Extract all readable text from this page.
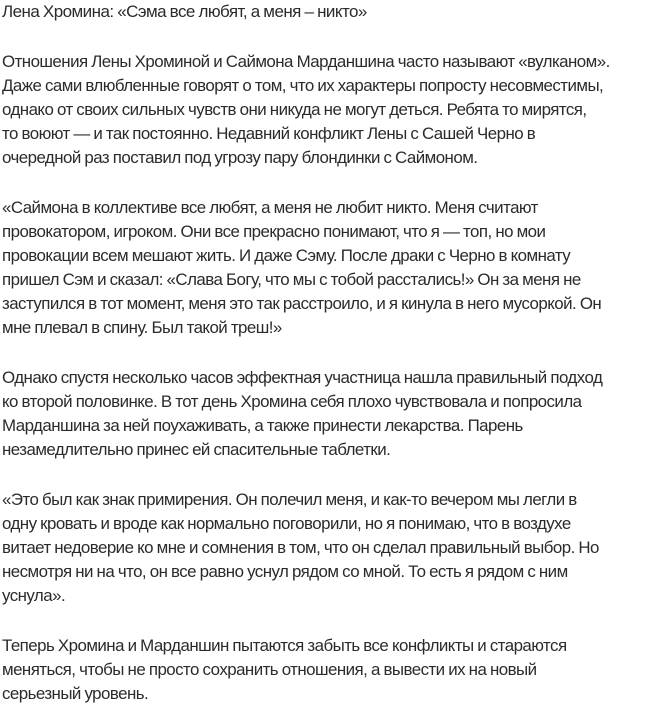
Лена Хромина: «Сэма все любят, а меня – никто»

Отношения Лены Хроминой и Саймона Марданшина часто называют «вулканом».
Даже сами влюбленные говорят о том, что их характеры попросту несовместимы,
однако от своих сильных чувств они никуда не могут деться. Ребята то мирятся,
то воюют — и так постоянно. Недавний конфликт Лены с Сашей Черно в
очередной раз поставил под угрозу пару блондинки с Саймоном.

«Саймона в коллективе все любят, а меня не любит никто. Меня считают
провокатором, игроком. Они все прекрасно понимают, что я — топ, но мои
провокации всем мешают жить. И даже Сэму. После драки с Черно в комнату
пришел Сэм и сказал: «Слава Богу, что мы с тобой расстались!» Он за меня не
заступился в тот момент, меня это так расстроило, и я кинула в него мусоркой. Он
мне плевал в спину. Был такой треш!»

Однако спустя несколько часов эффектная участница нашла правильный подход
ко второй половинке. В тот день Хромина себя плохо чувствовала и попросила
Марданшина за ней поухаживать, а также принести лекарства. Парень
незамедлительно принес ей спасительные таблетки.

«Это был как знак примирения. Он полечил меня, и как-то вечером мы легли в
одну кровать и вроде как нормально поговорили, но я понимаю, что в воздухе
витает недоверие ко мне и сомнения в том, что он сделал правильный выбор. Но
несмотря ни на что, он все равно уснул рядом со мной. То есть я рядом с ним
уснула».

Теперь Хромина и Марданшин пытаются забыть все конфликты и стараются
меняться, чтобы не просто сохранить отношения, а вывести их на новый
серьезный уровень.
